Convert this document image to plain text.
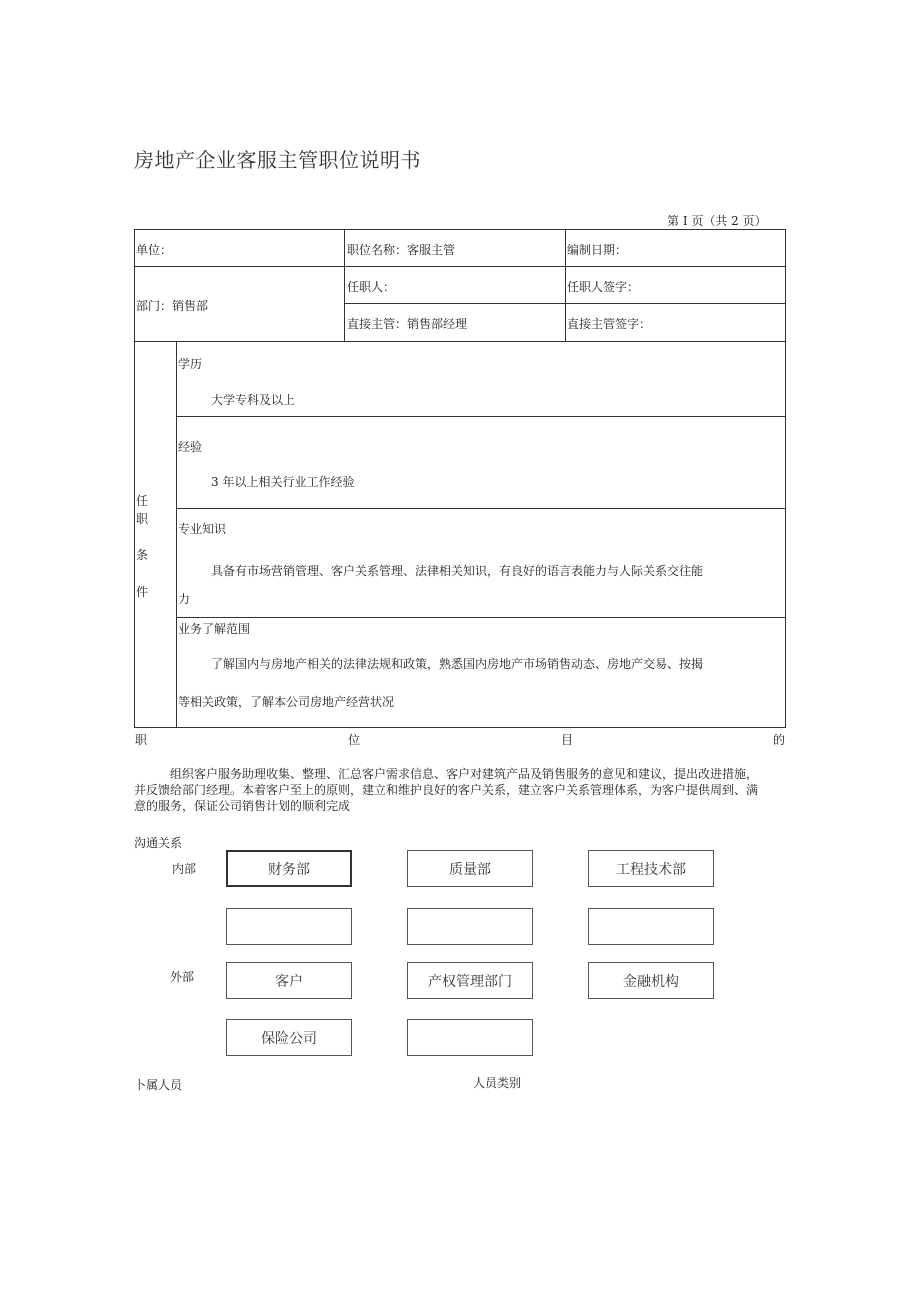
房地产企业客服主管职位说明书
第 I 页（共 2 页）
单位：	职位名称：客服主管	编制日期：
部门：销售部
任职人：	任职人签字：
直接主管：销售部经理	直接主管签字：
任
职
条
件
学历
大学专科及以上
经验
3 年以上相关行业工作经验
专业知识
具备有市场营销管理、客户关系管理、法律相关知识，有良好的语言表能力与人际关系交往能
力
业务了解范围
了解国内与房地产相关的法律法规和政策，熟悉国内房地产市场销售动态、房地产交易、按揭
等相关政策，了解本公司房地产经营状况
职	位	目	的
组织客户服务助理收集、整理、汇总客户需求信息、客户对建筑产品及销售服务的意见和建议，提出改进措施，
并反馈给部门经理。本着客户至上的原则，建立和维护良好的客户关系，建立客户关系管理体系，为客户提供周到、满
意的服务，保证公司销售计划的顺利完成
沟通关系
内部
外部
财务部	质量部	工程技术部
客户	产权管理部门	金融机构
保险公司
卜属人员	人员类别
